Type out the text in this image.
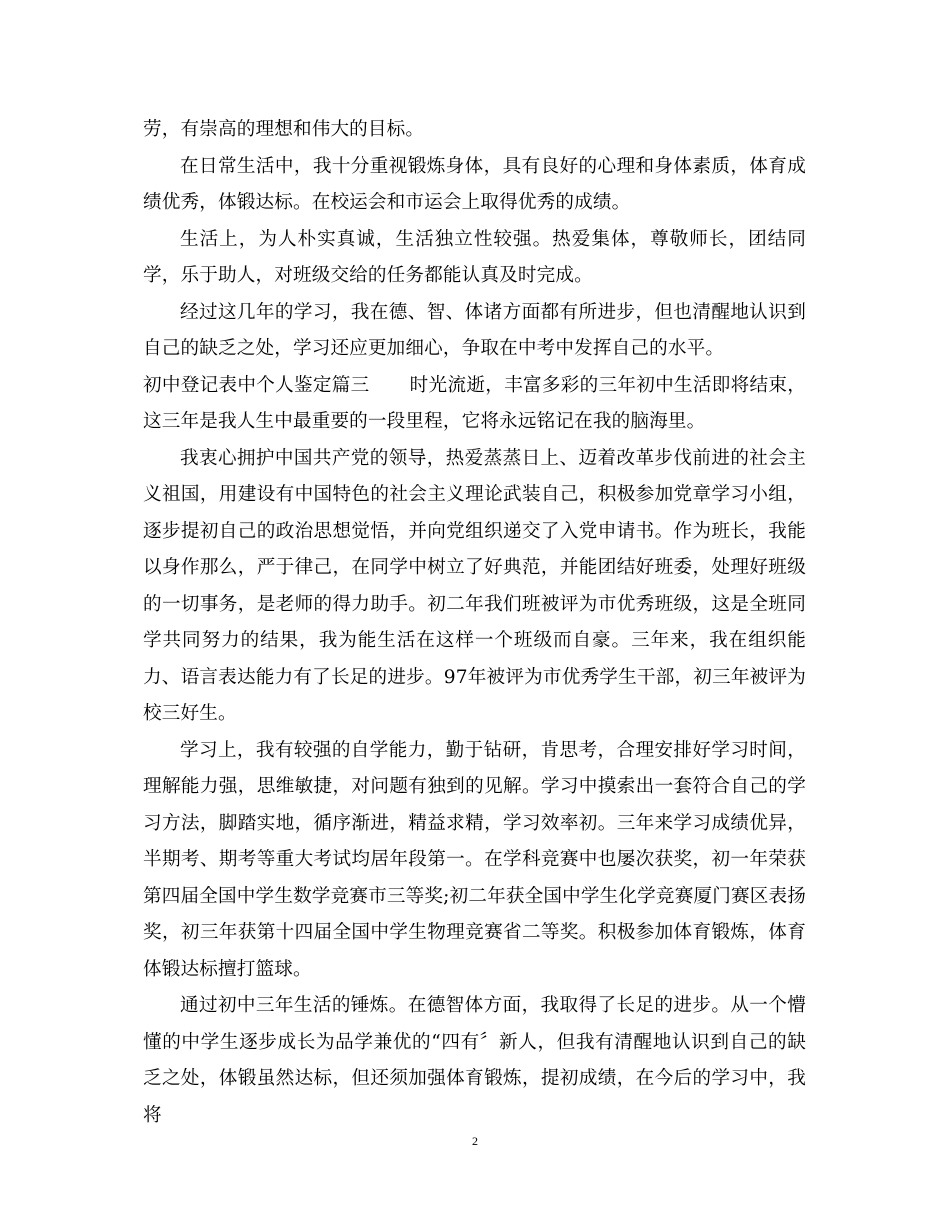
劳，有崇高的理想和伟大的目标。

在日常生活中，我十分重视锻炼身体，具有良好的心理和身体素质，体育成绩优秀，体锻达标。在校运会和市运会上取得优秀的成绩。

生活上，为人朴实真诚，生活独立性较强。热爱集体，尊敬师长，团结同学，乐于助人，对班级交给的任务都能认真及时完成。

经过这几年的学习，我在德、智、体诸方面都有所进步，但也清醒地认识到自己的缺乏之处，学习还应更加细心，争取在中考中发挥自己的水平。

初中登记表中个人鉴定篇三 时光流逝，丰富多彩的三年初中生活即将结束，这三年是我人生中最重要的一段里程，它将永远铭记在我的脑海里。

我衷心拥护中国共产党的领导，热爱蒸蒸日上、迈着改革步伐前进的社会主义祖国，用建设有中国特色的社会主义理论武装自己，积极参加党章学习小组，逐步提初自己的政治思想觉悟，并向党组织递交了入党申请书。作为班长，我能以身作那么，严于律己，在同学中树立了好典范，并能团结好班委，处理好班级的一切事务，是老师的得力助手。初二年我们班被评为市优秀班级，这是全班同学共同努力的结果，我为能生活在这样一个班级而自豪。三年来，我在组织能力、语言表达能力有了长足的进步。97年被评为市优秀学生干部，初三年被评为校三好生。

学习上，我有较强的自学能力，勤于钻研，肯思考，合理安排好学习时间，理解能力强，思维敏捷，对问题有独到的见解。学习中摸索出一套符合自己的学习方法，脚踏实地，循序渐进，精益求精，学习效率初。三年来学习成绩优异，半期考、期考等重大考试均居年段第一。在学科竞赛中也屡次获奖，初一年荣获第四届全国中学生数学竞赛市三等奖;初二年获全国中学生化学竞赛厦门赛区表扬奖，初三年获第十四届全国中学生物理竞赛省二等奖。积极参加体育锻炼，体育体锻达标擅打篮球。

通过初中三年生活的锤炼。在德智体方面，我取得了长足的进步。从一个懵懂的中学生逐步成长为品学兼优的“四有〞新人，但我有清醒地认识到自己的缺乏之处，体锻虽然达标，但还须加强体育锻炼，提初成绩，在今后的学习中，我将

2
